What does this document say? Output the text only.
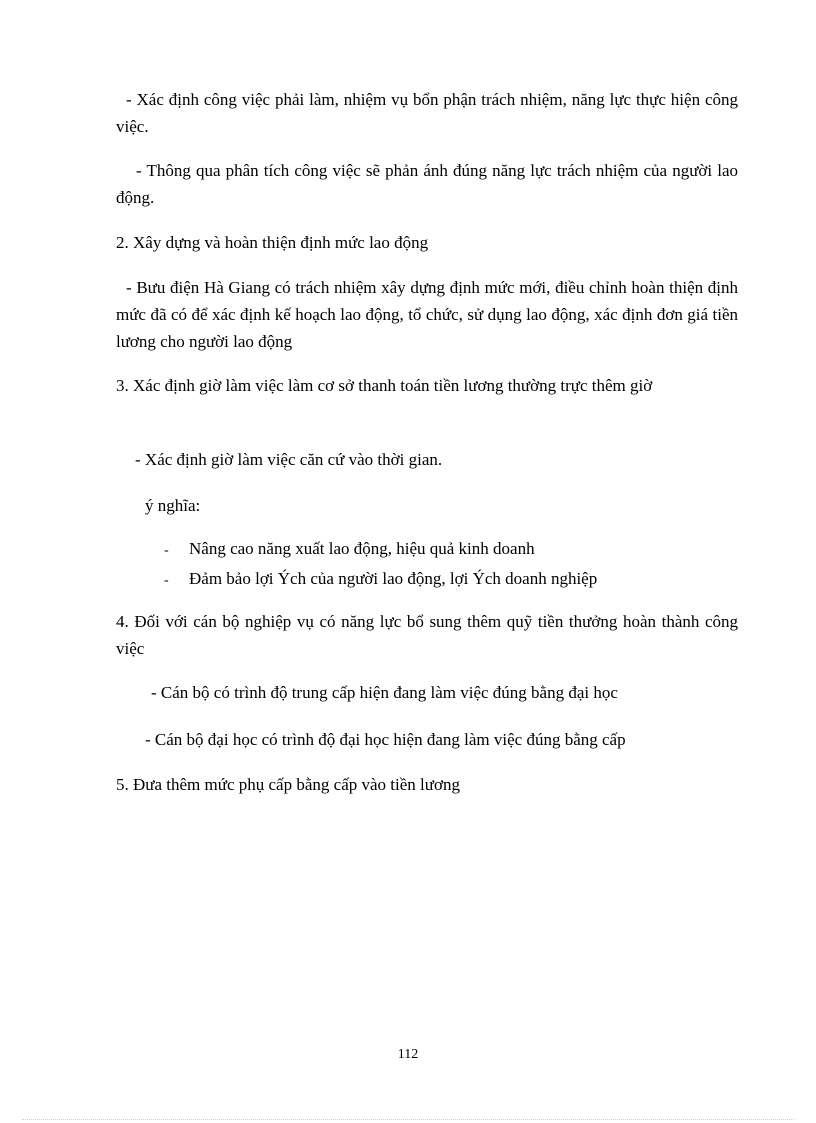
- Xác định công việc phải làm, nhiệm vụ bổn phận trách nhiệm, năng lực thực hiện công việc.

- Thông qua phân tích công việc sẽ phản ánh đúng năng lực trách nhiệm của người lao động.

2. Xây dựng và hoàn thiện định mức lao động

- Bưu điện Hà Giang có trách nhiệm xây dựng định mức mới, điều chỉnh hoàn thiện định mức đã có để xác định kế hoạch lao động, tổ chức, sử dụng lao động, xác định đơn giá tiền lương cho người lao động

3. Xác định giờ làm việc làm cơ sở thanh toán tiền lương thường trực thêm giờ

- Xác định giờ làm việc căn cứ vào thời gian.

ý nghĩa:

-	Nâng cao năng xuất lao động, hiệu quả kinh doanh
-	Đảm bảo lợi Ých của người lao động, lợi Ých doanh nghiệp

4. Đối với cán bộ nghiệp vụ có năng lực bổ sung thêm quỹ tiền thưởng hoàn thành công việc

- Cán bộ có trình độ trung cấp hiện đang làm việc đúng bằng đại học

- Cán bộ đại học có trình độ đại học hiện đang làm việc đúng bằng cấp

5. Đưa thêm mức phụ cấp bằng cấp vào tiền lương

112
